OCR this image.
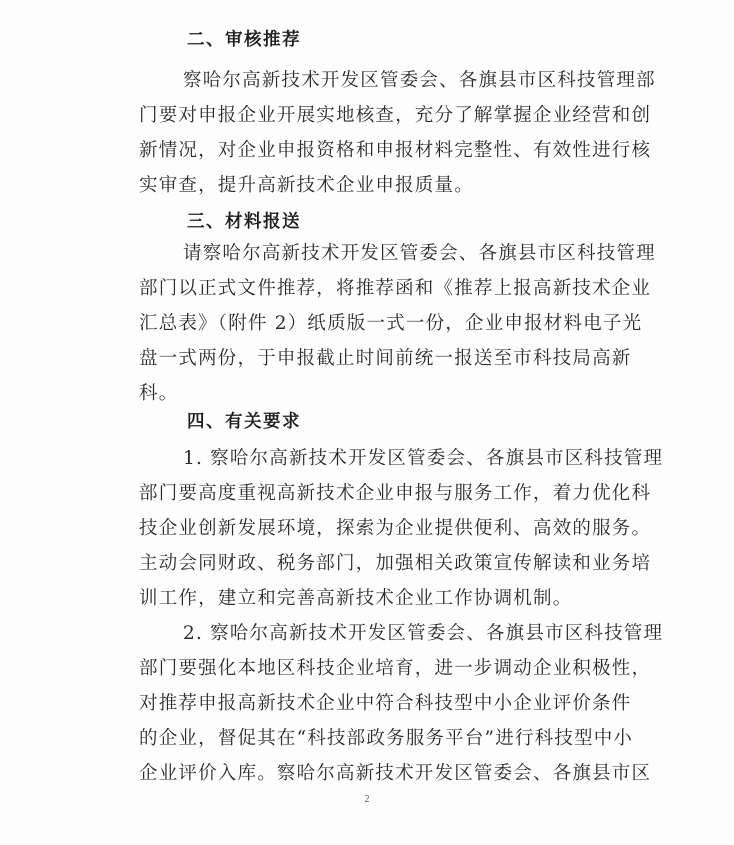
二、审核推荐
察哈尔高新技术开发区管委会、各旗县市区科技管理部
门要对申报企业开展实地核查，充分了解掌握企业经营和创
新情况，对企业申报资格和申报材料完整性、有效性进行核
实审查，提升高新技术企业申报质量。
三、材料报送
请察哈尔高新技术开发区管委会、各旗县市区科技管理
部门以正式文件推荐，将推荐函和《推荐上报高新技术企业
汇总表》（附件 2）纸质版一式一份，企业申报材料电子光
盘一式两份，于申报截止时间前统一报送至市科技局高新
科。
四、有关要求
1. 察哈尔高新技术开发区管委会、各旗县市区科技管理
部门要高度重视高新技术企业申报与服务工作，着力优化科
技企业创新发展环境，探索为企业提供便利、高效的服务。
主动会同财政、税务部门，加强相关政策宣传解读和业务培
训工作，建立和完善高新技术企业工作协调机制。
2. 察哈尔高新技术开发区管委会、各旗县市区科技管理
部门要强化本地区科技企业培育，进一步调动企业积极性，
对推荐申报高新技术企业中符合科技型中小企业评价条件
的企业，督促其在“科技部政务服务平台”进行科技型中小
企业评价入库。察哈尔高新技术开发区管委会、各旗县市区
2
